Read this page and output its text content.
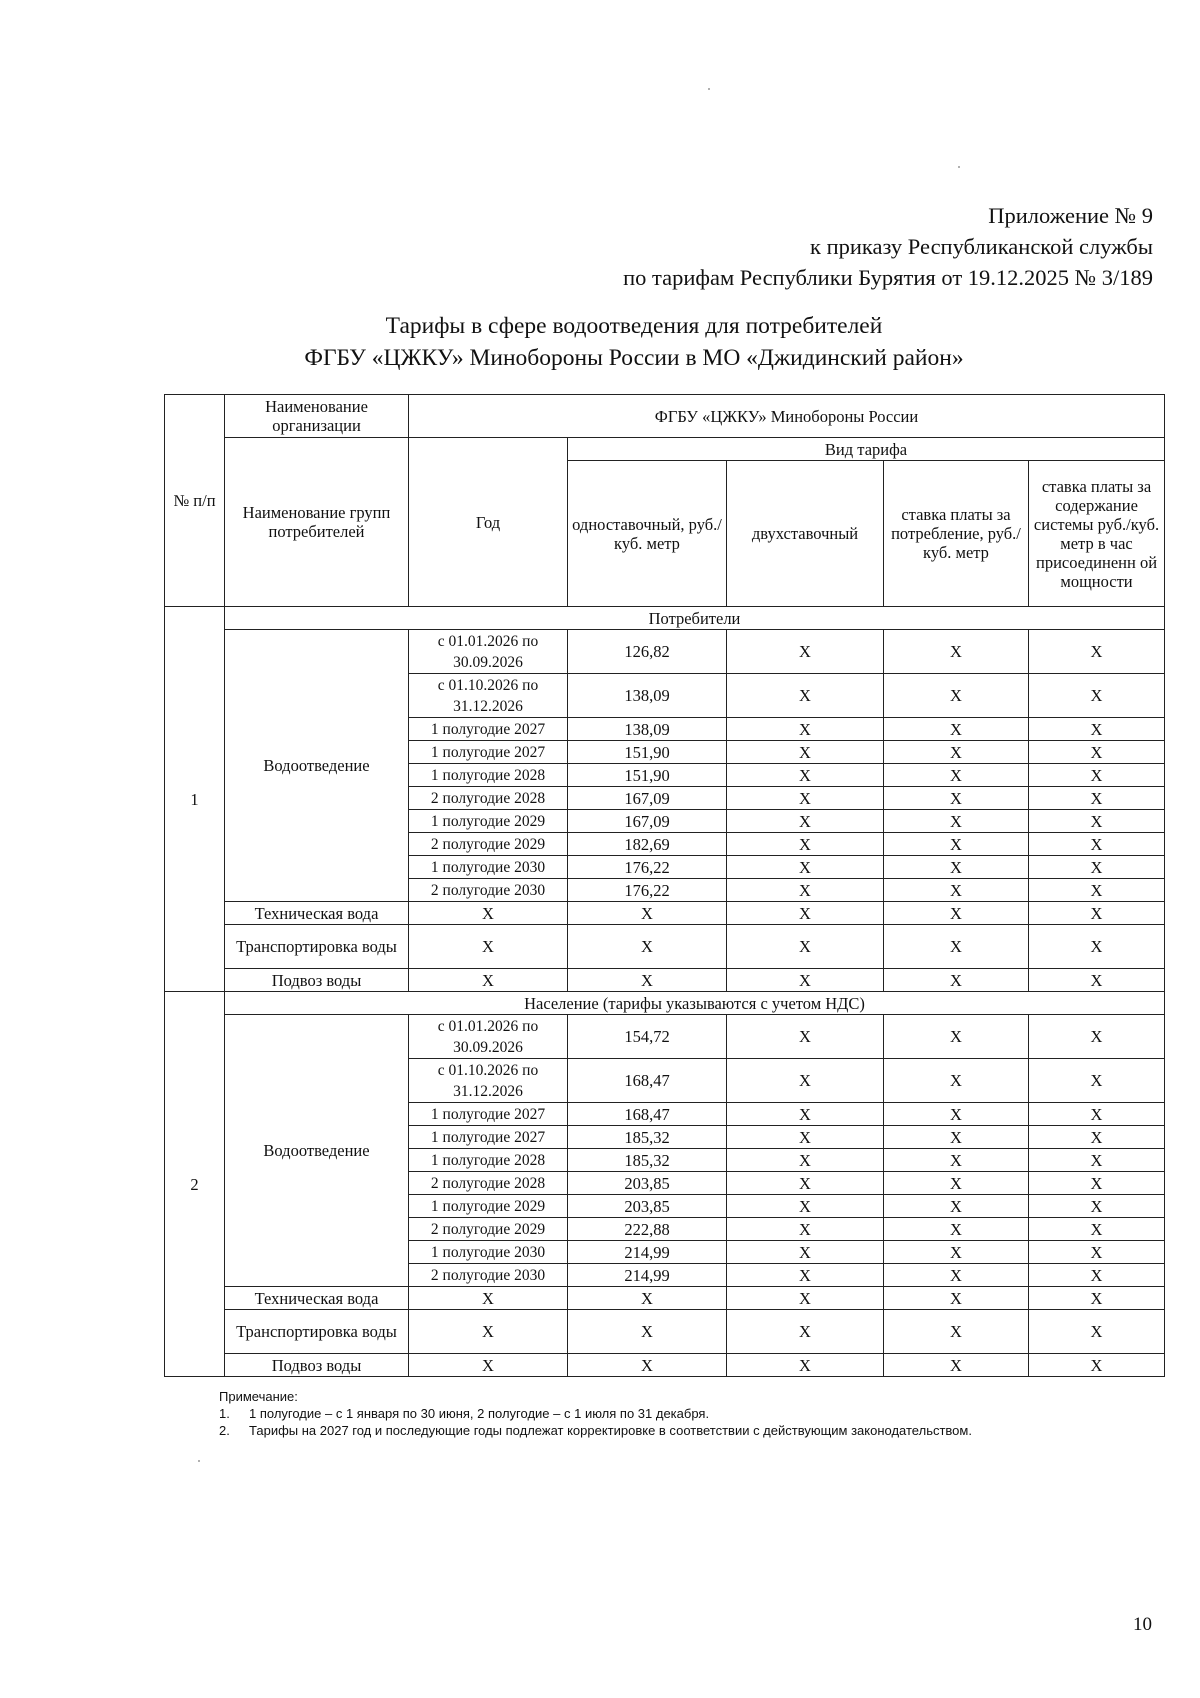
Приложение № 9
к приказу Республиканской службы
по тарифам Республики Бурятия от 19.12.2025 № 3/189
Тарифы в сфере водоотведения для потребителей
ФГБУ «ЦЖКУ» Минобороны России в МО «Джидинский район»
№ п/п	Наименование организации	ФГБУ «ЦЖКУ» Минобороны России				
	Наименование групп потребителей	Год	Вид тарифа			
			одноставочный, руб./ куб. метр	двухставочный	ставка платы за потребление, руб./ куб. метр	ставка платы за содержание системы руб./куб. метр в час присоединенн ой мощности
1	Потребители					
	Водоотведение	с 01.01.2026 по 30.09.2026	126,82	Х	Х	Х
		с 01.10.2026 по 31.12.2026	138,09	Х	Х	Х
		1 полугодие 2027	138,09	Х	Х	Х
		1 полугодие 2027	151,90	Х	Х	Х
		1 полугодие 2028	151,90	Х	Х	Х
		2 полугодие 2028	167,09	Х	Х	Х
		1 полугодие 2029	167,09	Х	Х	Х
		2 полугодие 2029	182,69	Х	Х	Х
		1 полугодие 2030	176,22	Х	Х	Х
		2 полугодие 2030	176,22	Х	Х	Х
	Техническая вода	Х	Х	Х	Х	Х
	Транспортировка воды	Х	Х	Х	Х	Х
	Подвоз воды	Х	Х	Х	Х	Х
2	Население (тарифы указываются с учетом НДС)					
	Водоотведение	с 01.01.2026 по 30.09.2026	154,72	Х	Х	Х
		с 01.10.2026 по 31.12.2026	168,47	Х	Х	Х
		1 полугодие 2027	168,47	Х	Х	Х
		1 полугодие 2027	185,32	Х	Х	Х
		1 полугодие 2028	185,32	Х	Х	Х
		2 полугодие 2028	203,85	Х	Х	Х
		1 полугодие 2029	203,85	Х	Х	Х
		2 полугодие 2029	222,88	Х	Х	Х
		1 полугодие 2030	214,99	Х	Х	Х
		2 полугодие 2030	214,99	Х	Х	Х
	Техническая вода	Х	Х	Х	Х	Х
	Транспортировка воды	Х	Х	Х	Х	Х
	Подвоз воды	Х	Х	Х	Х	Х
Примечание:
1.	1 полугодие – с 1 января по 30 июня, 2 полугодие – с 1 июля по 31 декабря.
2.	Тарифы на 2027 год и последующие годы подлежат корректировке в соответствии с действующим законодательством.
10
